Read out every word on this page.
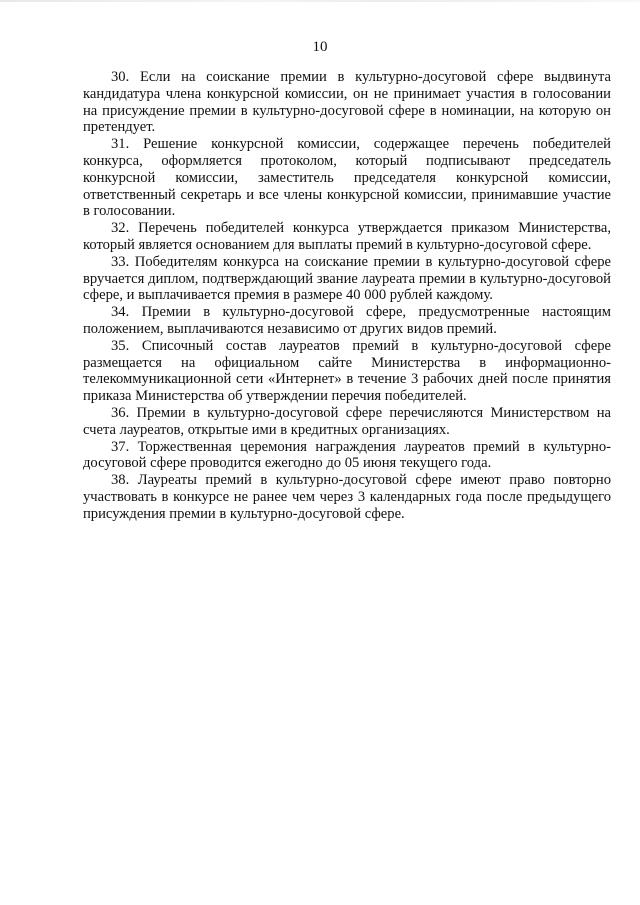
10

30. Если на соискание премии в культурно-досуговой сфере выдвинута кандидатура члена конкурсной комиссии, он не принимает участия в голосовании на присуждение премии в культурно-досуговой сфере в номинации, на которую он претендует.

31. Решение конкурсной комиссии, содержащее перечень победителей конкурса, оформляется протоколом, который подписывают председатель конкурсной комиссии, заместитель председателя конкурсной комиссии, ответственный секретарь и все члены конкурсной комиссии, принимавшие участие в голосовании.

32. Перечень победителей конкурса утверждается приказом Министерства, который является основанием для выплаты премий в культурно-досуговой сфере.

33. Победителям конкурса на соискание премии в культурно-досуговой сфере вручается диплом, подтверждающий звание лауреата премии в культурно-досуговой сфере, и выплачивается премия в размере 40 000 рублей каждому.

34. Премии в культурно-досуговой сфере, предусмотренные настоящим положением, выплачиваются независимо от других видов премий.

35. Списочный состав лауреатов премий в культурно-досуговой сфере размещается на официальном сайте Министерства в информационно-телекоммуникационной сети «Интернет» в течение 3 рабочих дней после принятия приказа Министерства об утверждении перечия победителей.

36. Премии в культурно-досуговой сфере перечисляются Министерством на счета лауреатов, открытые ими в кредитных организациях.

37. Торжественная церемония награждения лауреатов премий в культурно-досуговой сфере проводится ежегодно до 05 июня текущего года.

38. Лауреаты премий в культурно-досуговой сфере имеют право повторно участвовать в конкурсе не ранее чем через 3 календарных года после предыдущего присуждения премии в культурно-досуговой сфере.
